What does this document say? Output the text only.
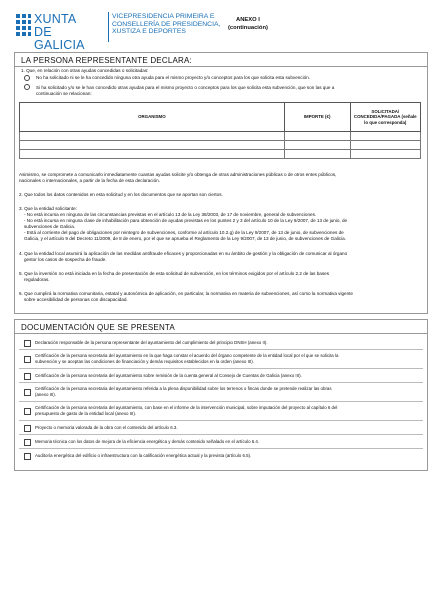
XUNTA
DE GALICIA
VICEPRESIDENCIA PRIMEIRA E
CONSELLERÍA DE PRESIDENCIA,
XUSTIZA E DEPORTES
ANEXO I
(continuación)
LA PERSONA REPRESENTANTE DECLARA:
1. Que, en relación con otras ayudas concedidas o solicitadas:
No ha solicitado ni se le ha concedido ninguna otra ayuda para el mismo proyecto y/o conceptos para los que solicita esta subvención.
Si ha solicitado y/o se le han concedido otras ayudas para el mismo proyecto o conceptos para los que solicita esta subvención, que son las que a
continuación se relacionan:
ORGANISMO	IMPORTE (€)	SOLICITADA/ CONCEDIDA/PAGADA (señale lo que corresponda)

Asimismo, se compromete a comunicarlo inmediatamente cuantas ayudas solicite y/o obtenga de otras administraciones públicas o de otros entes públicos,
nacionales o internacionales, a partir de la fecha de esta declaración.
2. Que todos los datos contenidos en esta solicitud y en los documentos que se aportan son ciertos.
3. Que la entidad solicitante:
- No está incursa en ninguna de las circunstancias previstas en el artículo 13 de la Ley 38/2003, de 17 de noviembre, general de subvenciones.
- No está incursa en ninguna clase de inhabilitación para obtención de ayudas previstas en los puntes 2 y 3 del artículo 10 de la Ley 9/2007, de 13 de junio, de
subvenciones de Galicia.
- Está al corriente del pago de obligaciones por reintegro de subvenciones, conforme al artículo 10.2.g) de la Ley 9/2007, de 13 de junio, de subvenciones de
Galicia, y el artículo 9 del Decreto 11/2009, de 8 de enero, por el que se aprueba el Reglamento de la Ley 9/2007, de 13 de junio, de subvenciones de Galicia.
4. Que la entidad local asumirá la aplicación de las medidas antifraude eficaces y proporcionadas en su ámbito de gestión y la obligación de comunicar al órgano
gestor los casos de sospecha de fraude.
5. Que la inversión no está iniciada en la fecha de presentación de esta solicitud de subvención, en los términos exigidos por el artículo 2.2 de las bases
reguladoras.
6. Que cumplirá la normativa comunitaria, estatal y autonómica de aplicación, en particular, la normativa en materia de subvenciones, así como la normativa vigente
sobre accesibilidad de personas con discapacidad.
DOCUMENTACIÓN QUE SE PRESENTA
Declaración responsable de la persona representante del ayuntamiento del cumplimiento del principio DNSH (anexo II).
Certificación de la persona secretaria del ayuntamiento en la que haga constar el acuerdo del órgano competente de la entidad local por el que se solicita la
subvención y se aceptan las condiciones de financiación y demás requisitos establecidos en la orden (anexo III).
Certificación de la persona secretaria del ayuntamiento sobre remisión de la cuenta general al Consejo de Cuentas de Galicia (anexo III).
Certificación de la persona secretaria del ayuntamiento referida a la plena disponibilidad sobre los terrenos o fincas donde se pretende realizar las obras
(anexo III).
Certificación de la persona secretaria del ayuntamiento, con base en el informe de la intervención municipal, sobre imputación del proyecto al capítulo 6 del
presupuesto de gasto de la entidad local (anexo III).
Proyecto o memoria valorada de la obra con el contenido del artículo 6.3.
Memoria técnica con los datos de mejora de la eficiencia energética y demás contenido señalado en el artículo 6.4.
Auditoría energética del edificio o infraestructura con la calificación energética actual y la prevista (artículo 6.5).
